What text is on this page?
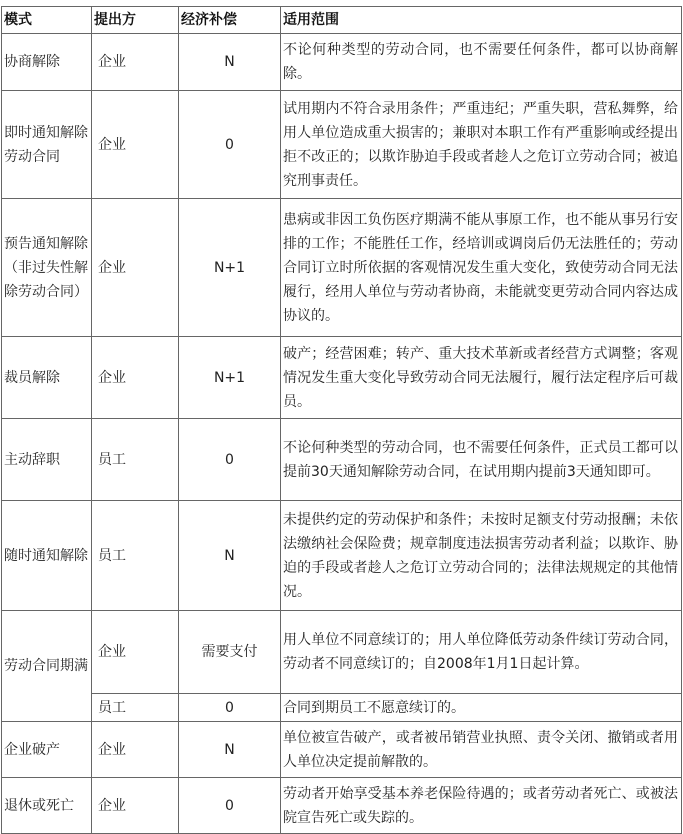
模式	提出方	经济补偿	适用范围
协商解除	企业	N	不论何种类型的劳动合同，也不需要任何条件，都可以协商解除。
即时通知解除劳动合同	企业	0	试用期内不符合录用条件；严重违纪；严重失职，营私舞弊，给用人单位造成重大损害的；兼职对本职工作有严重影响或经提出拒不改正的；以欺诈胁迫手段或者趁人之危订立劳动合同；被追究刑事责任。
预告通知解除（非过失性解除劳动合同）	企业	N+1	患病或非因工负伤医疗期满不能从事原工作，也不能从事另行安排的工作；不能胜任工作，经培训或调岗后仍无法胜任的；劳动合同订立时所依据的客观情况发生重大变化，致使劳动合同无法履行，经用人单位与劳动者协商，未能就变更劳动合同内容达成协议的。
裁员解除	企业	N+1	破产；经营困难；转产、重大技术革新或者经营方式调整；客观情况发生重大变化导致劳动合同无法履行，履行法定程序后可裁员。
主动辞职	员工	0	不论何种类型的劳动合同，也不需要任何条件，正式员工都可以提前30天通知解除劳动合同，在试用期内提前3天通知即可。
随时通知解除	员工	N	未提供约定的劳动保护和条件；未按时足额支付劳动报酬；未依法缴纳社会保险费；规章制度违法损害劳动者利益；以欺诈、胁迫的手段或者趁人之危订立劳动合同的；法律法规规定的其他情况。
劳动合同期满	企业	需要支付	用人单位不同意续订的；用人单位降低劳动条件续订劳动合同，劳动者不同意续订的；自2008年1月1日起计算。
	员工	0	合同到期员工不愿意续订的。
企业破产	企业	N	单位被宣告破产，或者被吊销营业执照、责令关闭、撤销或者用人单位决定提前解散的。
退休或死亡	企业	0	劳动者开始享受基本养老保险待遇的；或者劳动者死亡、或被法院宣告死亡或失踪的。
